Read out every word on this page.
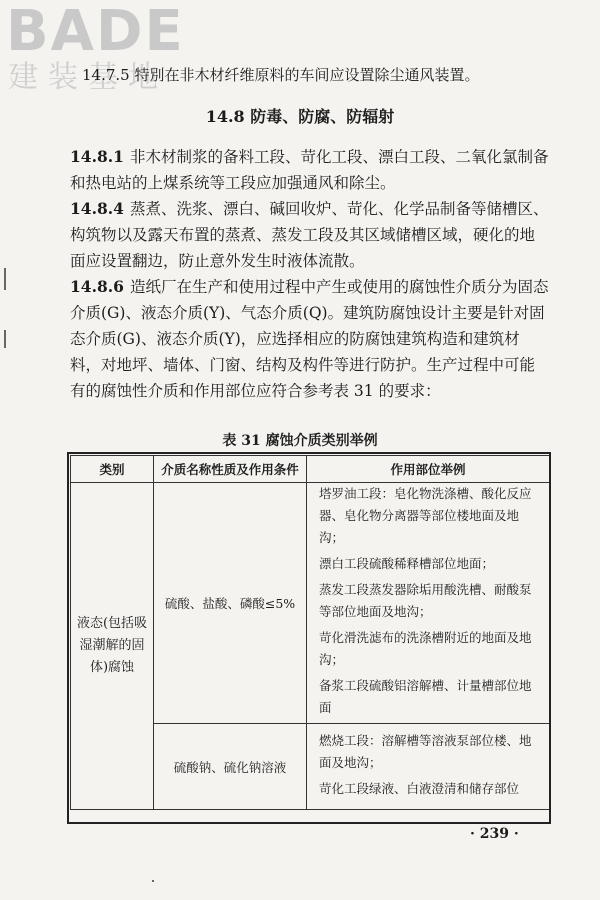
BADE
建装基地
14.7.5 特別在非木材纤维原料的车间应设置除尘通风装置。
14.8 防毒、防腐、防辐射
14.8.1 非木材制浆的备料工段、苛化工段、漂白工段、二氧化氯制备和热电站的上煤系统等工段应加强通风和除尘。
14.8.4 蒸煮、洗浆、漂白、碱回收炉、苛化、化学品制备等储槽区、构筑物以及露天布置的蒸煮、蒸发工段及其区域储槽区域，硬化的地面应设置翻边，防止意外发生时液体流散。
14.8.6 造纸厂在生产和使用过程中产生或使用的腐蚀性介质分为固态介质(G)、液态介质(Y)、气态介质(Q)。建筑防腐蚀设计主要是针对固态介质(G)、液态介质(Y)，应选择相应的防腐蚀建筑构造和建筑材料，对地坪、墙体、门窗、结构及构件等进行防护。生产过程中可能有的腐蚀性介质和作用部位应符合参考表 31 的要求：
表 31 腐蚀介质类别举例
类别	介质名称性质及作用条件	作用部位举例
液态(包括吸湿潮解的固体)腐蚀	硫酸、盐酸、磷酸≤5%	塔罗油工段：皂化物洗涤槽、酸化反应器、皂化物分离器等部位楼地面及地沟；

漂白工段硫酸稀释槽部位地面；

蒸发工段蒸发器除垢用酸洗槽、耐酸泵等部位地面及地沟；

苛化滑洗滤布的洗涤槽附近的地面及地沟；

备浆工段硫酸铝溶解槽、计量槽部位地面

	硫酸钠、硫化钠溶液	燃烧工段：溶解槽等溶液泵部位楼、地面及地沟；

苛化工段绿液、白液澄清和储存部位

· 239 ·
